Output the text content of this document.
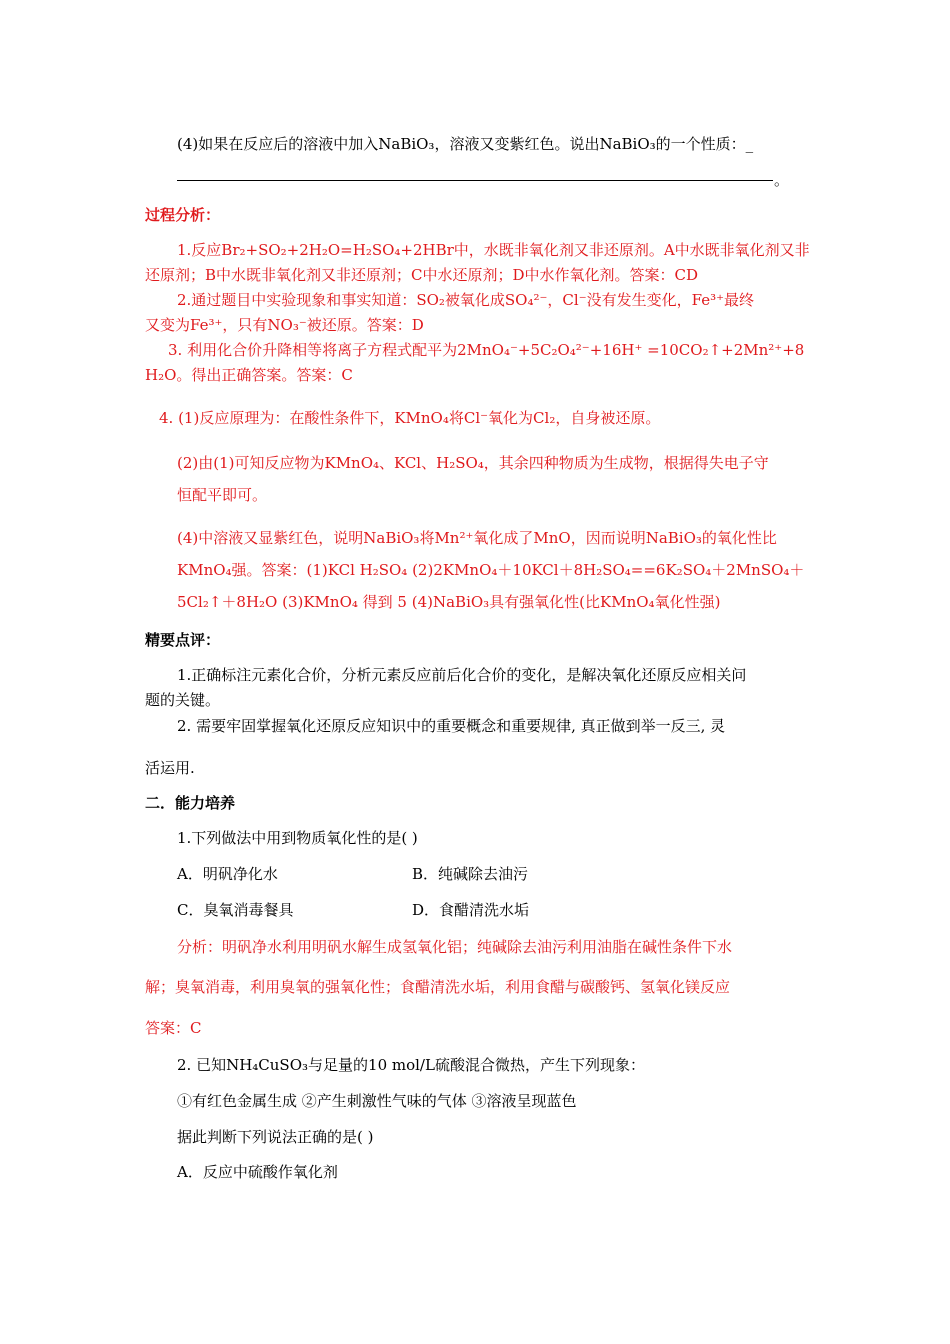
(4)如果在反应后的溶液中加入NaBiO₃，溶液又变紫红色。说出NaBiO₃的一个性质：_
。
过程分析：
1.反应Br₂+SO₂+2H₂O=H₂SO₄+2HBr中，水既非氧化剂又非还原剂。A中水既非氧化剂又非
还原剂；B中水既非氧化剂又非还原剂；C中水还原剂；D中水作氧化剂。答案：CD
2.通过题目中实验现象和事实知道：SO₂被氧化成SO₄²⁻，Cl⁻没有发生变化，Fe³⁺最终
又变为Fe³⁺，只有NO₃⁻被还原。答案：D
3. 利用化合价升降相等将离子方程式配平为2MnO₄⁻+5C₂O₄²⁻+16H⁺ =10CO₂↑+2Mn²⁺+8
H₂O。得出正确答案。答案：C
4. (1)反应原理为：在酸性条件下，KMnO₄将Cl⁻氧化为Cl₂，自身被还原。
(2)由(1)可知反应物为KMnO₄、KCl、H₂SO₄，其余四种物质为生成物，根据得失电子守
恒配平即可。
(4)中溶液又显紫红色，说明NaBiO₃将Mn²⁺氧化成了MnO，因而说明NaBiO₃的氧化性比
KMnO₄强。答案：(1)KCl H₂SO₄ (2)2KMnO₄＋10KCl＋8H₂SO₄==6K₂SO₄＋2MnSO₄＋
5Cl₂↑＋8H₂O (3)KMnO₄ 得到 5 (4)NaBiO₃具有强氧化性(比KMnO₄氧化性强)
精要点评：
1.正确标注元素化合价，分析元素反应前后化合价的变化，是解决氧化还原反应相关问
题的关键。
2. 需要牢固掌握氧化还原反应知识中的重要概念和重要规律, 真正做到举一反三, 灵
活运用.
二．能力培养
1.下列做法中用到物质氧化性的是( )
A．明矾净化水	B．纯碱除去油污
C．臭氧消毒餐具	D．食醋清洗水垢
分析：明矾净水利用明矾水解生成氢氧化铝；纯碱除去油污利用油脂在碱性条件下水
解；臭氧消毒，利用臭氧的强氧化性；食醋清洗水垢，利用食醋与碳酸钙、氢氧化镁反应
答案：C
2. 已知NH₄CuSO₃与足量的10 mol/L硫酸混合微热，产生下列现象：
①有红色金属生成 ②产生刺激性气味的气体 ③溶液呈现蓝色
据此判断下列说法正确的是( )
A．反应中硫酸作氧化剂
